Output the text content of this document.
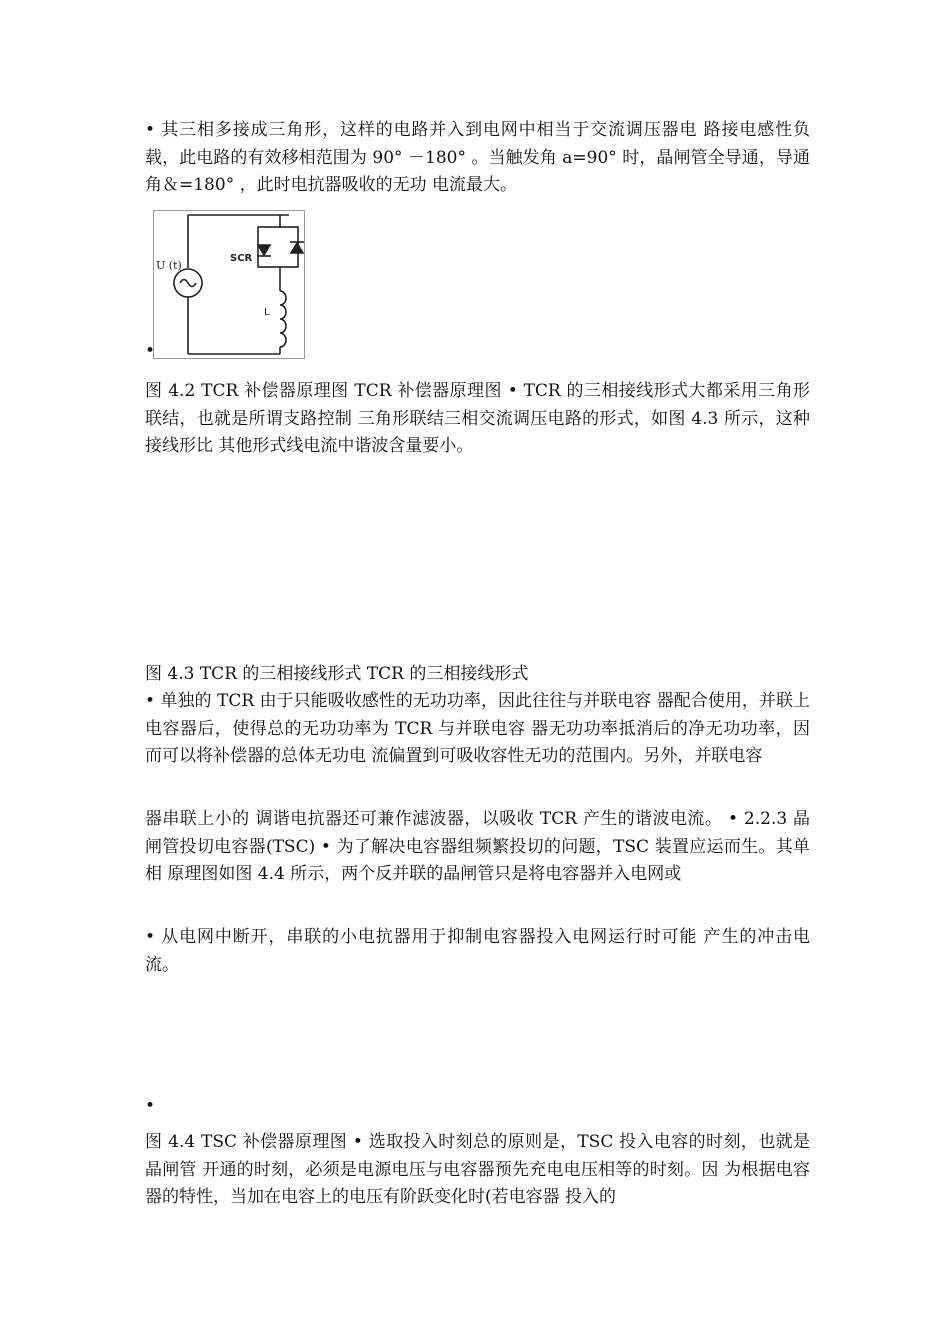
• 其三相多接成三角形，这样的电路并入到电网中相当于交流调压器电 路接电感性负载，此电路的有效移相范围为 90° －180° 。当触发角 a=90° 时，晶闸管全导通，导通角＆=180° ，此时电抗器吸收的无功 电流最大。

U (t)
SCR
L
•

图 4.2 TCR 补偿器原理图 TCR 补偿器原理图 • TCR 的三相接线形式大都采用三角形联结，也就是所谓支路控制 三角形联结三相交流调压电路的形式，如图 4.3 所示，这种接线形比 其他形式线电流中谐波含量要小。

图 4.3 TCR 的三相接线形式 TCR 的三相接线形式

• 单独的 TCR 由于只能吸收感性的无功功率，因此往往与并联电容 器配合使用，并联上电容器后，使得总的无功功率为 TCR 与并联电容 器无功功率抵消后的净无功功率，因而可以将补偿器的总体无功电 流偏置到可吸收容性无功的范围内。另外，并联电容

器串联上小的 调谐电抗器还可兼作滤波器，以吸收 TCR 产生的谐波电流。 • 2.2.3 晶闸管投切电容器(TSC) • 为了解决电容器组频繁投切的问题，TSC 装置应运而生。其单相 原理图如图 4.4 所示，两个反并联的晶闸管只是将电容器并入电网或

• 从电网中断开，串联的小电抗器用于抑制电容器投入电网运行时可能 产生的冲击电流。

•

图 4.4 TSC 补偿器原理图 • 选取投入时刻总的原则是，TSC 投入电容的时刻，也就是晶闸管 开通的时刻，必须是电源电压与电容器预先充电电压相等的时刻。因 为根据电容器的特性，当加在电容上的电压有阶跃变化时(若电容器 投入的
